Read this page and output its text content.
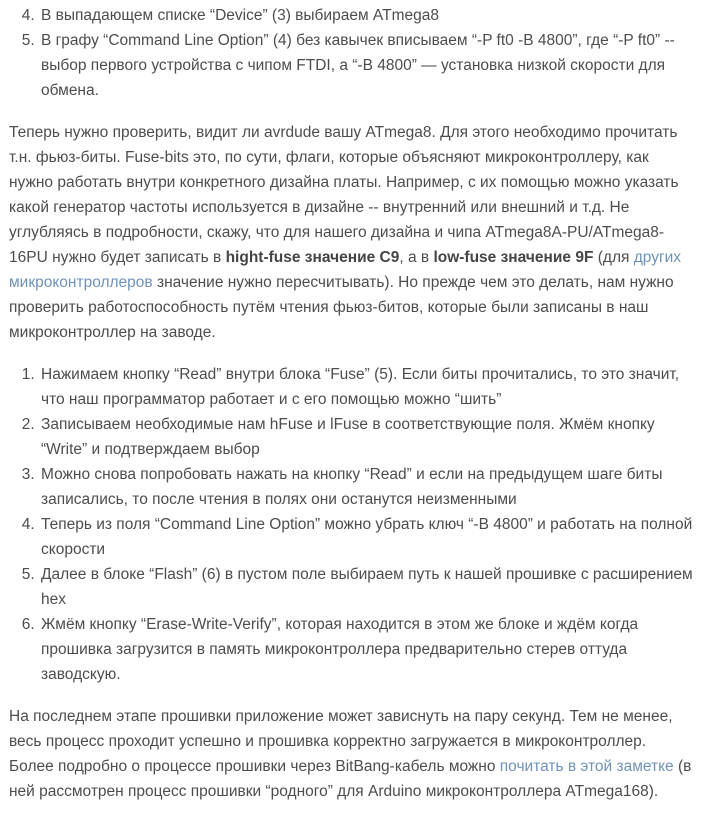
4. В выпадающем списке “Device” (3) выбираем ATmega8
5. В графу “Command Line Option” (4) без кавычек вписываем “-P ft0 -B 4800”, где “-P ft0” -- выбор первого устройства с чипом FTDI, а “-B 4800” — установка низкой скорости для обмена.

Теперь нужно проверить, видит ли avrdude вашу ATmega8. Для этого необходимо прочитать т.н. фьюз-биты. Fuse-bits это, по сути, флаги, которые объясняют микроконтроллеру, как нужно работать внутри конкретного дизайна платы. Например, с их помощью можно указать какой генератор частоты используется в дизайне -- внутренний или внешний и т.д. Не углубляясь в подробности, скажу, что для нашего дизайна и чипа ATmega8A-PU/ATmega8-16PU нужно будет записать в hight-fuse значение C9, а в low-fuse значение 9F (для других микроконтроллеров значение нужно пересчитывать). Но прежде чем это делать, нам нужно проверить работоспособность путём чтения фьюз-битов, которые были записаны в наш микроконтроллер на заводе.

1. Нажимаем кнопку “Read” внутри блока “Fuse” (5). Если биты прочитались, то это значит, что наш программатор работает и с его помощью можно “шить”
2. Записываем необходимые нам hFuse и lFuse в соответствующие поля. Жмём кнопку “Write” и подтверждаем выбор
3. Можно снова попробовать нажать на кнопку “Read” и если на предыдущем шаге биты записались, то после чтения в полях они останутся неизменными
4. Теперь из поля “Command Line Option” можно убрать ключ “-B 4800” и работать на полной скорости
5. Далее в блоке “Flash” (6) в пустом поле выбираем путь к нашей прошивке с расширением hex
6. Жмём кнопку “Erase-Write-Verify”, которая находится в этом же блоке и ждём когда прошивка загрузится в память микроконтроллера предварительно стерев оттуда заводскую.

На последнем этапе прошивки приложение может зависнуть на пару секунд. Тем не менее, весь процесс проходит успешно и прошивка корректно загружается в микроконтроллер. Более подробно о процессе прошивки через BitBang-кабель можно почитать в этой заметке (в ней рассмотрен процесс прошивки “родного” для Arduino микроконтроллера ATmega168).
